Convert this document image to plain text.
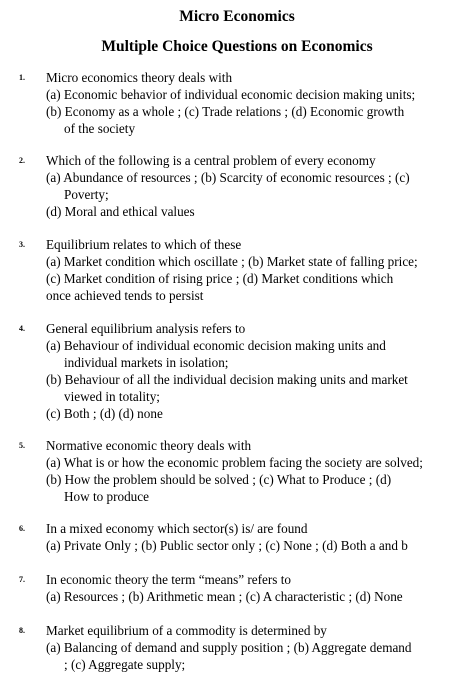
Micro Economics
Multiple Choice Questions on Economics
1. Micro economics theory deals with
(a) Economic behavior of individual economic decision making units;
(b) Economy as a whole ; (c) Trade relations ; (d) Economic growth
of the society
2. Which of the following is a central problem of every economy
(a) Abundance of resources ; (b) Scarcity of economic resources ; (c)
Poverty;
(d) Moral and ethical values
3. Equilibrium relates to which of these
(a) Market condition which oscillate ; (b) Market state of falling price;
(c) Market condition of rising price ; (d) Market conditions which
once achieved tends to persist
4. General equilibrium analysis refers to
(a) Behaviour of individual economic decision making units and
individual markets in isolation;
(b) Behaviour of all the individual decision making units and market
viewed in totality;
(c) Both ; (d) (d) none
5. Normative economic theory deals with
(a) What is or how the economic problem facing the society are solved;
(b) How the problem should be solved ; (c) What to Produce ; (d)
How to produce
6. In a mixed economy which sector(s) is/ are found
(a) Private Only ; (b) Public sector only ; (c) None ; (d) Both a and b
7. In economic theory the term “means” refers to
(a) Resources ; (b) Arithmetic mean ; (c) A characteristic ; (d) None
8. Market equilibrium of a commodity is determined by
(a) Balancing of demand and supply position ; (b) Aggregate demand
; (c) Aggregate supply;
